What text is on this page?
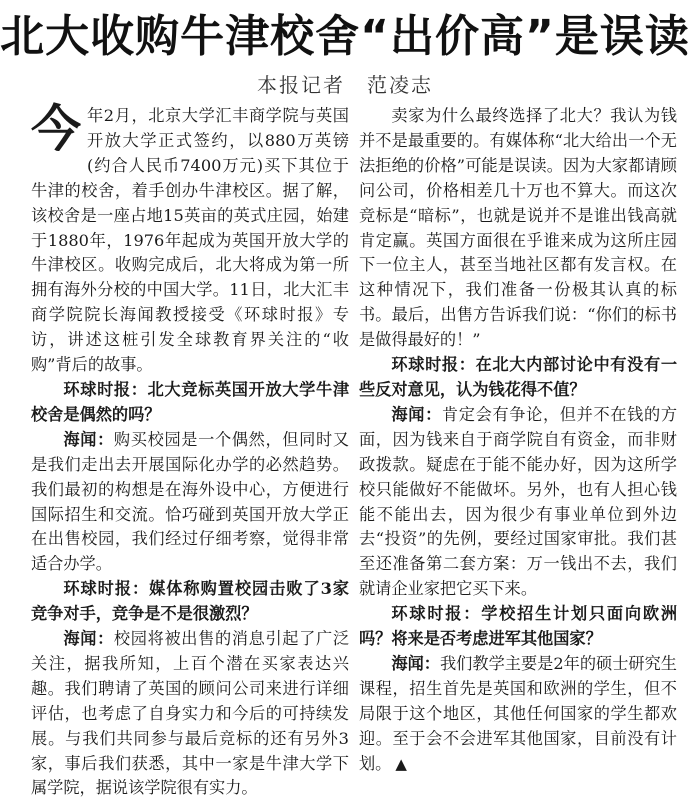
北大收购牛津校舍“出价高”是误读
本报记者　范凌志

今年2月，北京大学汇丰商学院与英国开放大学正式签约，以880万英镑(约合人民币7400万元)买下其位于牛津的校舍，着手创办牛津校区。据了解，该校舍是一座占地15英亩的英式庄园，始建于1880年，1976年起成为英国开放大学的牛津校区。收购完成后，北大将成为第一所拥有海外分校的中国大学。11日，北大汇丰商学院院长海闻教授接受《环球时报》专访，讲述这桩引发全球教育界关注的“收购”背后的故事。

环球时报：北大竞标英国开放大学牛津校舍是偶然的吗？

海闻：购买校园是一个偶然，但同时又是我们走出去开展国际化办学的必然趋势。我们最初的构想是在海外设中心，方便进行国际招生和交流。恰巧碰到英国开放大学正在出售校园，我们经过仔细考察，觉得非常适合办学。

环球时报：媒体称购置校园击败了3家竞争对手，竞争是不是很激烈？

海闻：校园将被出售的消息引起了广泛关注，据我所知，上百个潜在买家表达兴趣。我们聘请了英国的顾问公司来进行详细评估，也考虑了自身实力和今后的可持续发展。与我们共同参与最后竞标的还有另外3家，事后我们获悉，其中一家是牛津大学下属学院，据说该学院很有实力。

卖家为什么最终选择了北大？我认为钱并不是最重要的。有媒体称“北大给出一个无法拒绝的价格”可能是误读。因为大家都请顾问公司，价格相差几十万也不算大。而这次竞标是“暗标”，也就是说并不是谁出钱高就肯定赢。英国方面很在乎谁来成为这所庄园下一位主人，甚至当地社区都有发言权。在这种情况下，我们准备一份极其认真的标书。最后，出售方告诉我们说：“你们的标书是做得最好的！”

环球时报：在北大内部讨论中有没有一些反对意见，认为钱花得不值？

海闻：肯定会有争论，但并不在钱的方面，因为钱来自于商学院自有资金，而非财政拨款。疑虑在于能不能办好，因为这所学校只能做好不能做坏。另外，也有人担心钱能不能出去，因为很少有事业单位到外边去“投资”的先例，要经过国家审批。我们甚至还准备第二套方案：万一钱出不去，我们就请企业家把它买下来。

环球时报：学校招生计划只面向欧洲吗？将来是否考虑进军其他国家？

海闻：我们教学主要是2年的硕士研究生课程，招生首先是英国和欧洲的学生，但不局限于这个地区，其他任何国家的学生都欢迎。至于会不会进军其他国家，目前没有计划。 ▲
